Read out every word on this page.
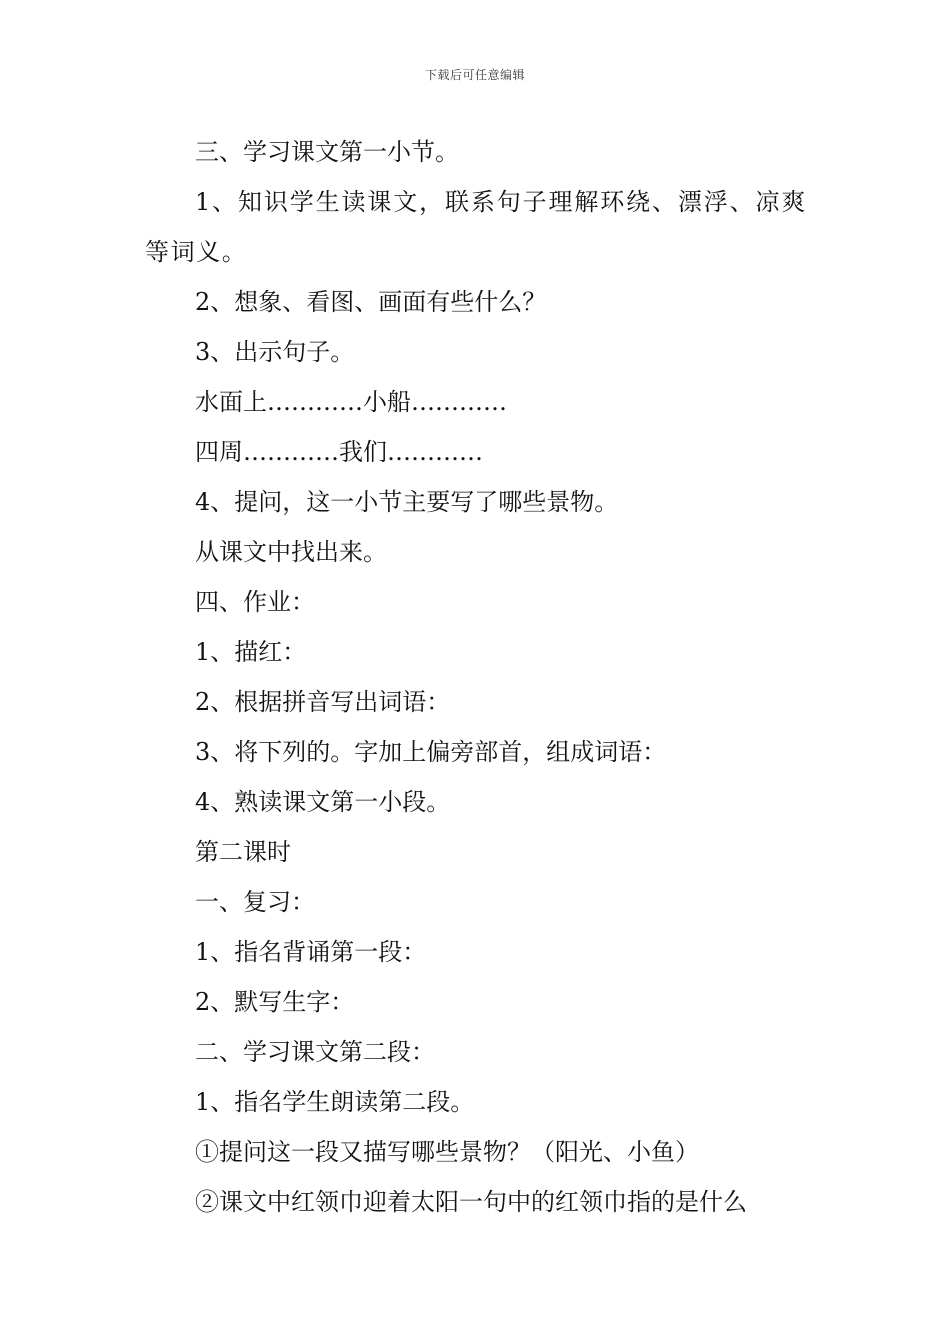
下载后可任意编辑

三、学习课文第一小节。

1、知识学生读课文，联系句子理解环绕、漂浮、凉爽等词义。

2、想象、看图、画面有些什么？

3、出示句子。

水面上…………小船…………

四周…………我们…………

4、提问，这一小节主要写了哪些景物。

从课文中找出来。

四、作业：

1、描红：

2、根据拼音写出词语：

3、将下列的。字加上偏旁部首，组成词语：

4、熟读课文第一小段。

第二课时

一、复习：

1、指名背诵第一段：

2、默写生字：

二、学习课文第二段：

1、指名学生朗读第二段。

①提问这一段又描写哪些景物？（阳光、小鱼）

②课文中红领巾迎着太阳一句中的红领巾指的是什么
